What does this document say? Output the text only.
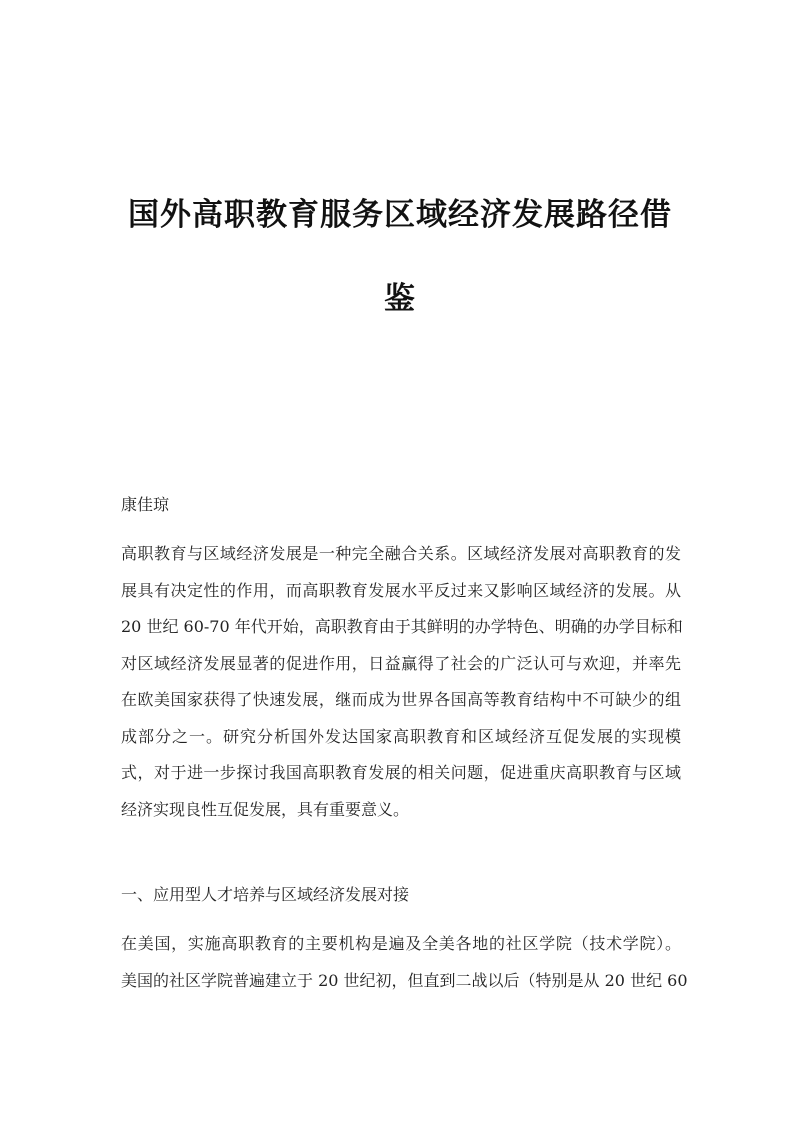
国外高职教育服务区域经济发展路径借
鉴
康佳琼
高职教育与区域经济发展是一种完全融合关系。区域经济发展对高职教育的发
展具有决定性的作用，而高职教育发展水平反过来又影响区域经济的发展。从
20 世纪 60-70 年代开始，高职教育由于其鲜明的办学特色、明确的办学目标和
对区域经济发展显著的促进作用，日益赢得了社会的广泛认可与欢迎，并率先
在欧美国家获得了快速发展，继而成为世界各国高等教育结构中不可缺少的组
成部分之一。研究分析国外发达国家高职教育和区域经济互促发展的实现模
式，对于进一步探讨我国高职教育发展的相关问题，促进重庆高职教育与区域
经济实现良性互促发展，具有重要意义。
一、应用型人才培养与区域经济发展对接
在美国，实施高职教育的主要机构是遍及全美各地的社区学院（技术学院）。
美国的社区学院普遍建立于 20 世纪初，但直到二战以后（特别是从 20 世纪 60
